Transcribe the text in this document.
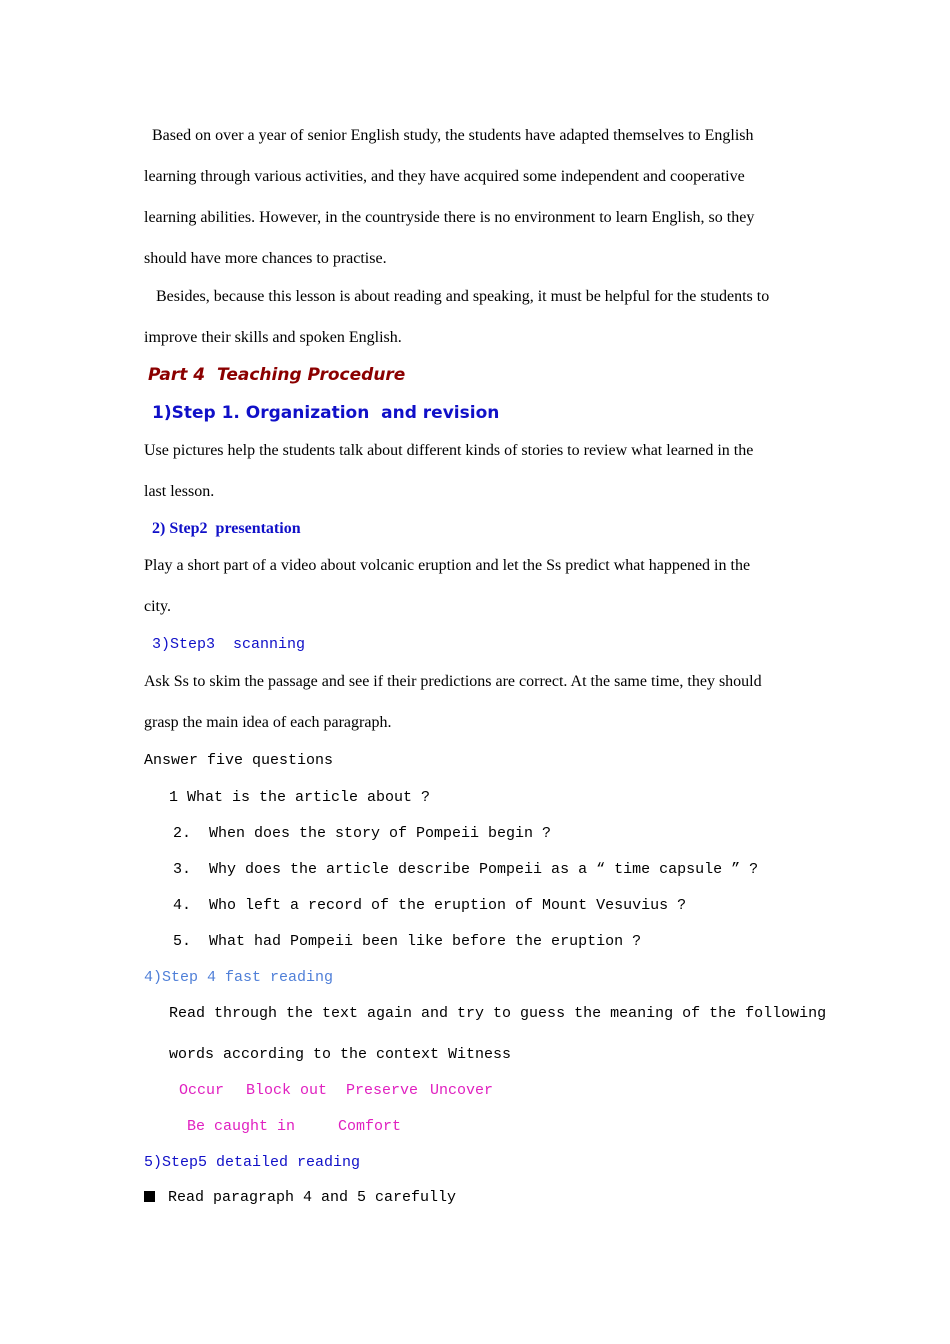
Based on over a year of senior English study, the students have adapted themselves to English
learning through various activities, and they have acquired some independent and cooperative
learning abilities. However, in the countryside there is no environment to learn English, so they
should have more chances to practise.
Besides, because this lesson is about reading and speaking, it must be helpful for the students to
improve their skills and spoken English.
Part 4  Teaching Procedure
1)Step 1. Organization  and revision
Use pictures help the students talk about different kinds of stories to review what learned in the
last lesson.
2) Step2  presentation
Play a short part of a video about volcanic eruption and let the Ss predict what happened in the
city.
3)Step3  scanning
Ask Ss to skim the passage and see if their predictions are correct. At the same time, they should
grasp the main idea of each paragraph.
Answer five questions
1 What is the article about ?
2.  When does the story of Pompeii begin ?
3.  Why does the article describe Pompeii as a “ time capsule ” ?
4.  Who left a record of the eruption of Mount Vesuvius ?
5.  What had Pompeii been like before the eruption ?
4)Step 4 fast reading
Read through the text again and try to guess the meaning of the following
words according to the context Witness
Occur Block out Preserve Uncover
Be caught in	Comfort
5)Step5 detailed reading
Read paragraph 4 and 5 carefully
